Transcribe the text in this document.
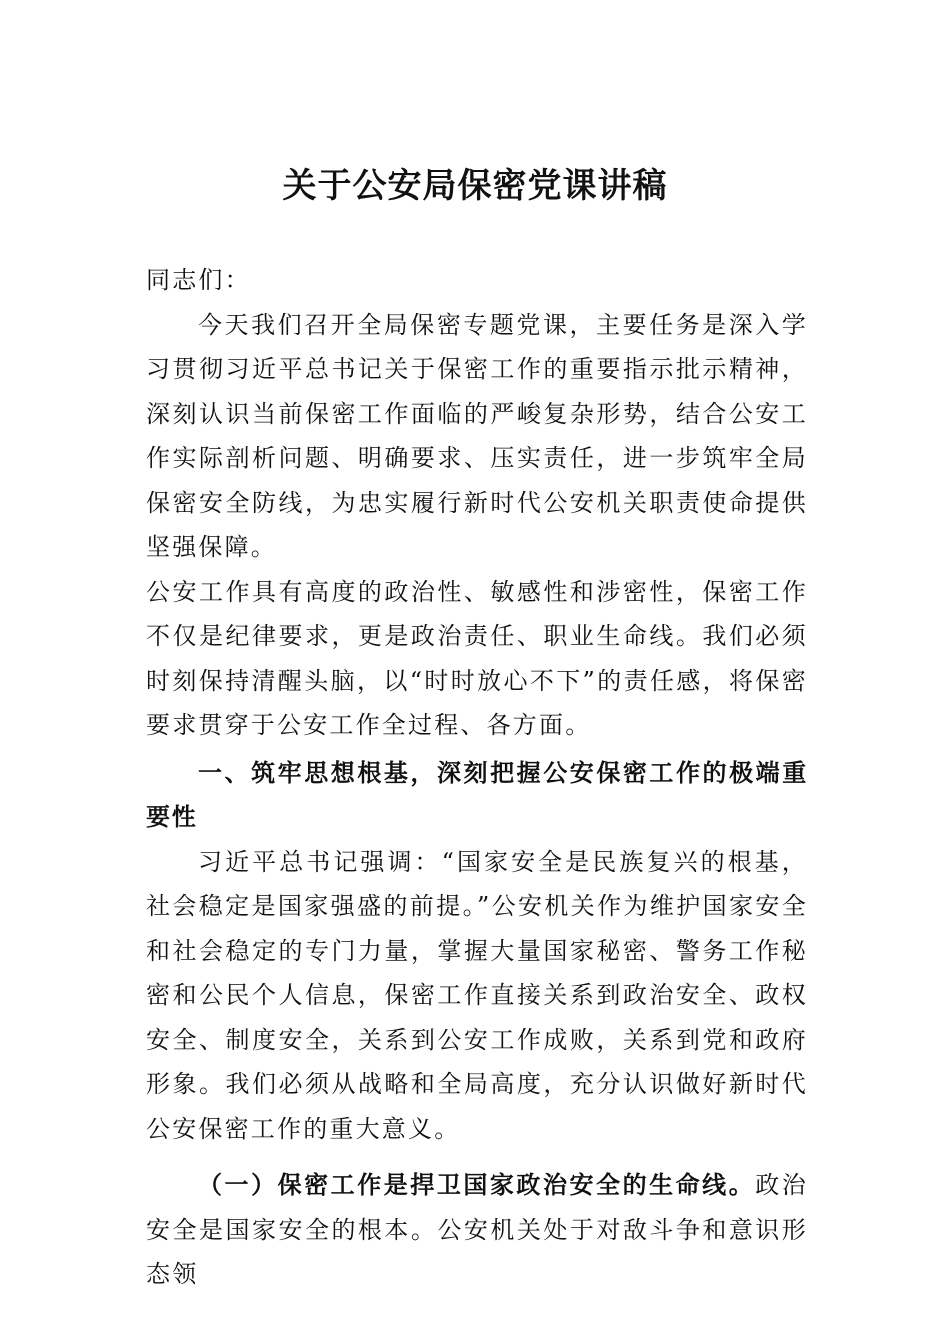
关于公安局保密党课讲稿

同志们：

今天我们召开全局保密专题党课，主要任务是深入学习贯彻习近平总书记关于保密工作的重要指示批示精神，深刻认识当前保密工作面临的严峻复杂形势，结合公安工作实际剖析问题、明确要求、压实责任，进一步筑牢全局保密安全防线，为忠实履行新时代公安机关职责使命提供坚强保障。

公安工作具有高度的政治性、敏感性和涉密性，保密工作不仅是纪律要求，更是政治责任、职业生命线。我们必须时刻保持清醒头脑，以“时时放心不下”的责任感，将保密要求贯穿于公安工作全过程、各方面。

一、筑牢思想根基，深刻把握公安保密工作的极端重要性

习近平总书记强调：“国家安全是民族复兴的根基，社会稳定是国家强盛的前提。”公安机关作为维护国家安全和社会稳定的专门力量，掌握大量国家秘密、警务工作秘密和公民个人信息，保密工作直接关系到政治安全、政权安全、制度安全，关系到公安工作成败，关系到党和政府形象。我们必须从战略和全局高度，充分认识做好新时代公安保密工作的重大意义。

（一）保密工作是捍卫国家政治安全的生命线。政治安全是国家安全的根本。公安机关处于对敌斗争和意识形态领
